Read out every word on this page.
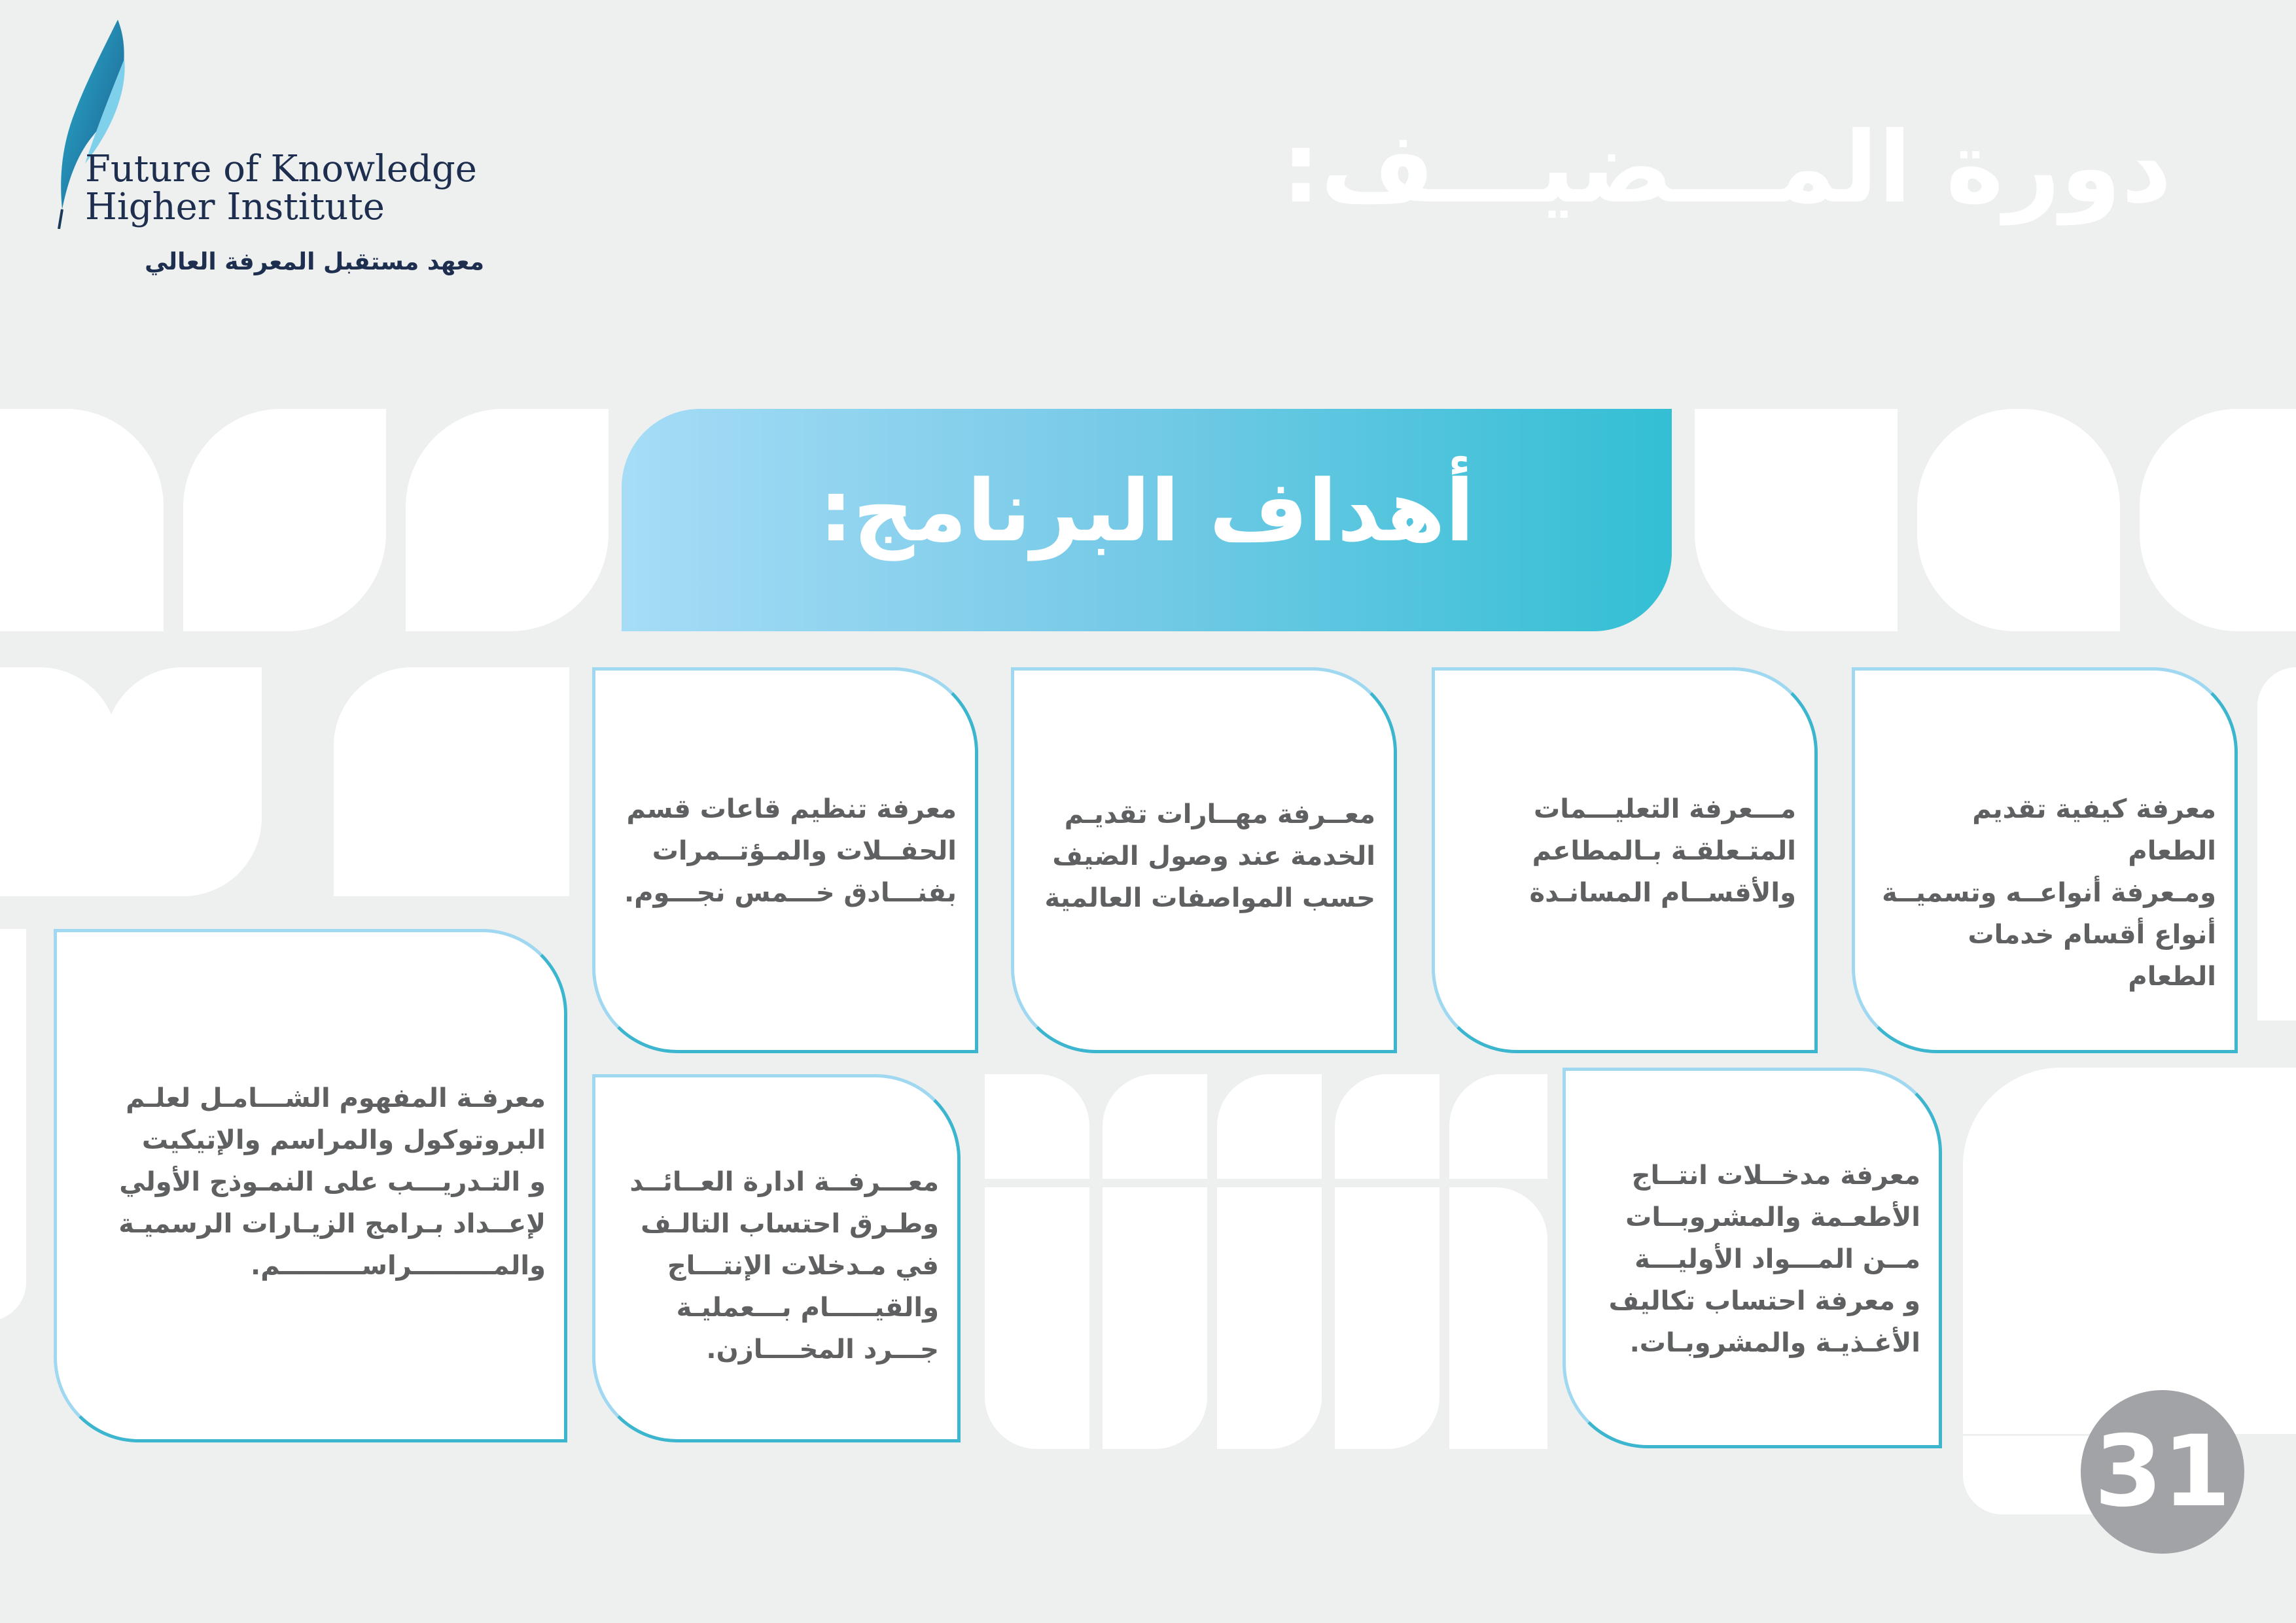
Future of Knowledge
Higher Institute
معهد مستقبل المعرفة العالي
دورة المـــضيـــف:
أهداف البرنامج:
معرفة كيفية تقديم الطعام
ومـعرفة أنواعــه وتسميــة
أنواع أقسام خدمات الطعام
مـــعرفة التعليـــمات
المتـعلقـة بـالمطاعم
والأقســام المسانـدة
معــرفة مهــارات تقديـم
الخدمة عند وصول الضيف
حسب المواصفات العالمية
معرفة تنظيم قاعات قسم
الحفــلات والمـؤتــمرات
بفنـــادق خـــمس نجـــوم.
معرفة مدخــلات انتــاج
الأطعـمة والمشروبــات
مــن المـــواد الأوليـــة
و معرفة احتساب تكاليف
الأغـذيـة والمشروبـات.
معـــرفــة ادارة العــائــد
وطـرق احتساب التالـف
في مـدخلات الإنتـــاج
والقيـــــام بـــعمليـة
جـــرد المخــــازن.
معرفـة المفهوم الشـــامـل لعلـم
البروتوكول والمراسم والإتيكيت
و التـدريـــب على النمـوذج الأولي
لإعــداد بـرامج الزيـارات الرسميـة
والمـــــــــراســـــــــم.
31
